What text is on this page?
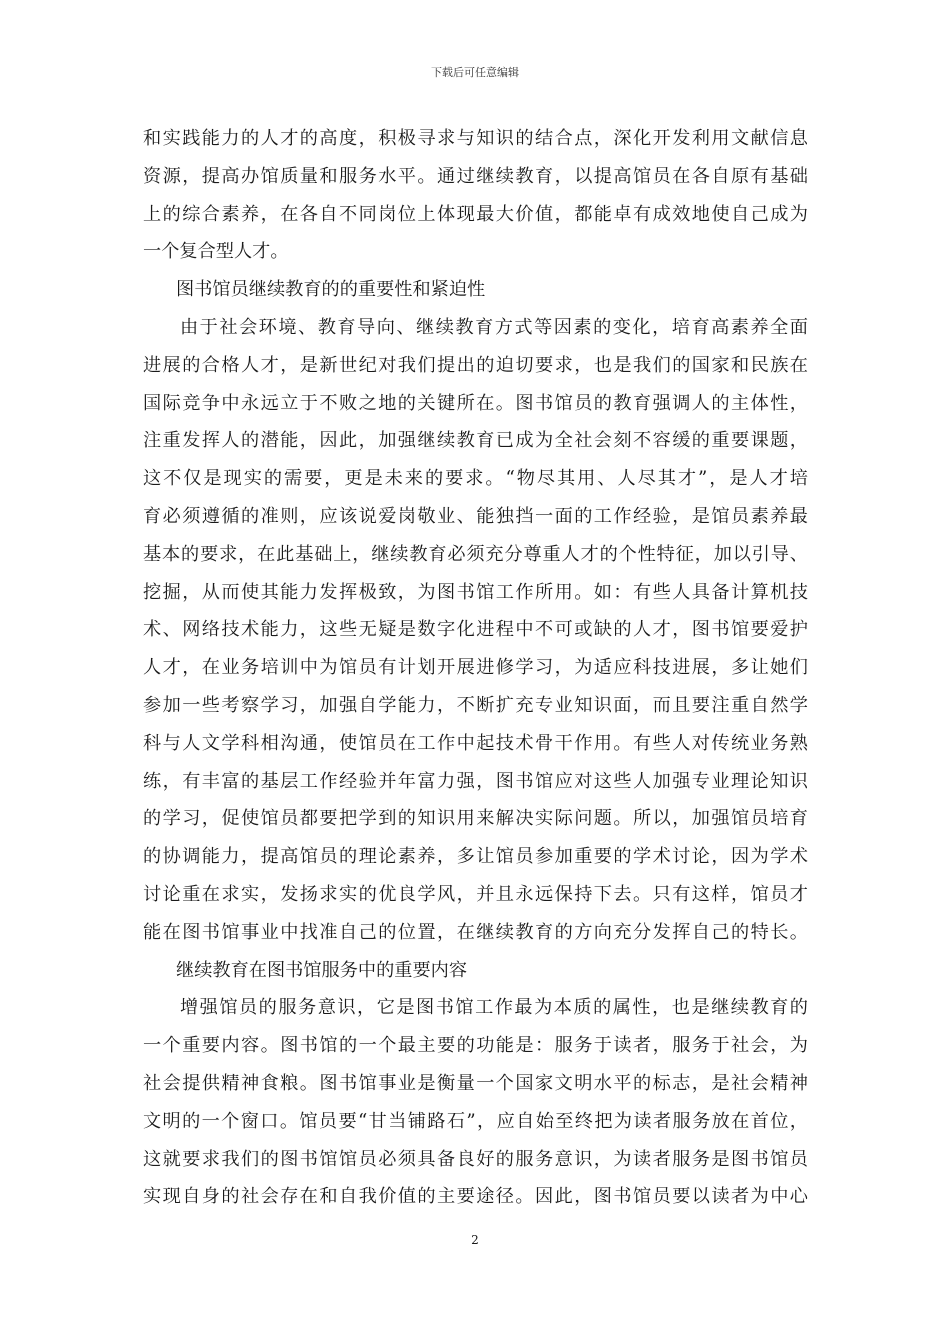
下载后可任意编辑
和实践能力的人才的高度，积极寻求与知识的结合点，深化开发利用文献信息
资源，提高办馆质量和服务水平。通过继续教育，以提高馆员在各自原有基础
上的综合素养，在各自不同岗位上体现最大价值，都能卓有成效地使自己成为
一个复合型人才。
图书馆员继续教育的的重要性和紧迫性
由于社会环境、教育导向、继续教育方式等因素的变化，培育高素养全面
进展的合格人才，是新世纪对我们提出的迫切要求，也是我们的国家和民族在
国际竞争中永远立于不败之地的关键所在。图书馆员的教育强调人的主体性，
注重发挥人的潜能，因此，加强继续教育已成为全社会刻不容缓的重要课题，
这不仅是现实的需要，更是未来的要求。“物尽其用、人尽其才”，是人才培
育必须遵循的准则，应该说爱岗敬业、能独挡一面的工作经验，是馆员素养最
基本的要求，在此基础上，继续教育必须充分尊重人才的个性特征，加以引导、
挖掘，从而使其能力发挥极致，为图书馆工作所用。如：有些人具备计算机技
术、网络技术能力，这些无疑是数字化进程中不可或缺的人才，图书馆要爱护
人才，在业务培训中为馆员有计划开展进修学习，为适应科技进展，多让她们
参加一些考察学习，加强自学能力，不断扩充专业知识面，而且要注重自然学
科与人文学科相沟通，使馆员在工作中起技术骨干作用。有些人对传统业务熟
练，有丰富的基层工作经验并年富力强，图书馆应对这些人加强专业理论知识
的学习，促使馆员都要把学到的知识用来解决实际问题。所以，加强馆员培育
的协调能力，提高馆员的理论素养，多让馆员参加重要的学术讨论，因为学术
讨论重在求实，发扬求实的优良学风，并且永远保持下去。只有这样，馆员才
能在图书馆事业中找准自己的位置，在继续教育的方向充分发挥自己的特长。
继续教育在图书馆服务中的重要内容
增强馆员的服务意识，它是图书馆工作最为本质的属性，也是继续教育的
一个重要内容。图书馆的一个最主要的功能是：服务于读者，服务于社会，为
社会提供精神食粮。图书馆事业是衡量一个国家文明水平的标志，是社会精神
文明的一个窗口。馆员要“甘当铺路石”，应自始至终把为读者服务放在首位，
这就要求我们的图书馆馆员必须具备良好的服务意识，为读者服务是图书馆员
实现自身的社会存在和自我价值的主要途径。因此，图书馆员要以读者为中心
2
